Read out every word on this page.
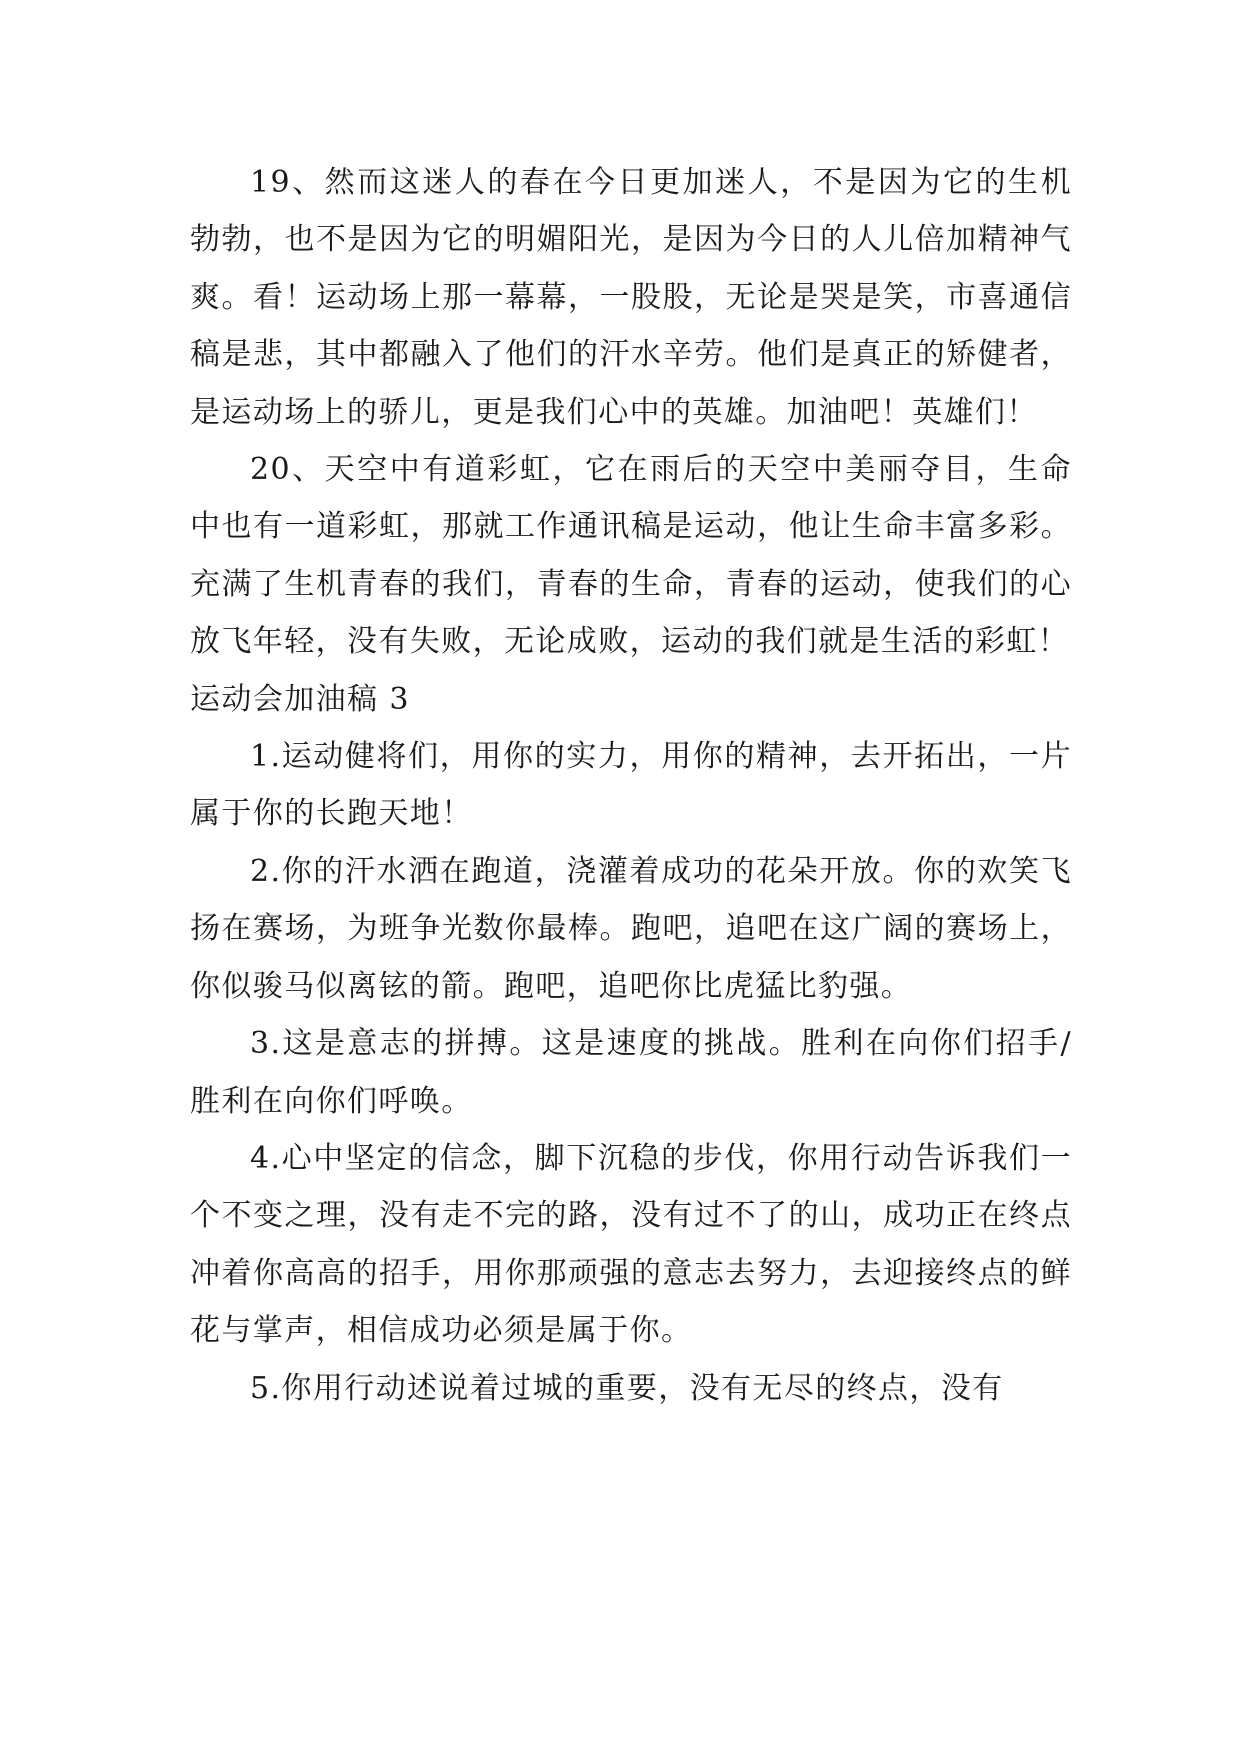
19、然而这迷人的春在今日更加迷人，不是因为它的生机勃勃，也不是因为它的明媚阳光，是因为今日的人儿倍加精神气爽。看！运动场上那一幕幕，一股股，无论是哭是笑，市喜通信稿是悲，其中都融入了他们的汗水辛劳。他们是真正的矫健者，是运动场上的骄儿，更是我们心中的英雄。加油吧！英雄们！

20、天空中有道彩虹，它在雨后的天空中美丽夺目，生命中也有一道彩虹，那就工作通讯稿是运动，他让生命丰富多彩。充满了生机青春的我们，青春的生命，青春的运动，使我们的心放飞年轻，没有失败，无论成败，运动的我们就是生活的彩虹！

运动会加油稿 3

1.运动健将们，用你的实力，用你的精神，去开拓出，一片属于你的长跑天地！

2.你的汗水洒在跑道，浇灌着成功的花朵开放。你的欢笑飞扬在赛场，为班争光数你最棒。跑吧，追吧在这广阔的赛场上，你似骏马似离铉的箭。跑吧，追吧你比虎猛比豹强。

3.这是意志的拼搏。这是速度的挑战。胜利在向你们招手/胜利在向你们呼唤。

4.心中坚定的信念，脚下沉稳的步伐，你用行动告诉我们一个不变之理，没有走不完的路，没有过不了的山，成功正在终点冲着你高高的招手，用你那顽强的意志去努力，去迎接终点的鲜花与掌声，相信成功必须是属于你。

5.你用行动述说着过城的重要，没有无尽的终点，没有
